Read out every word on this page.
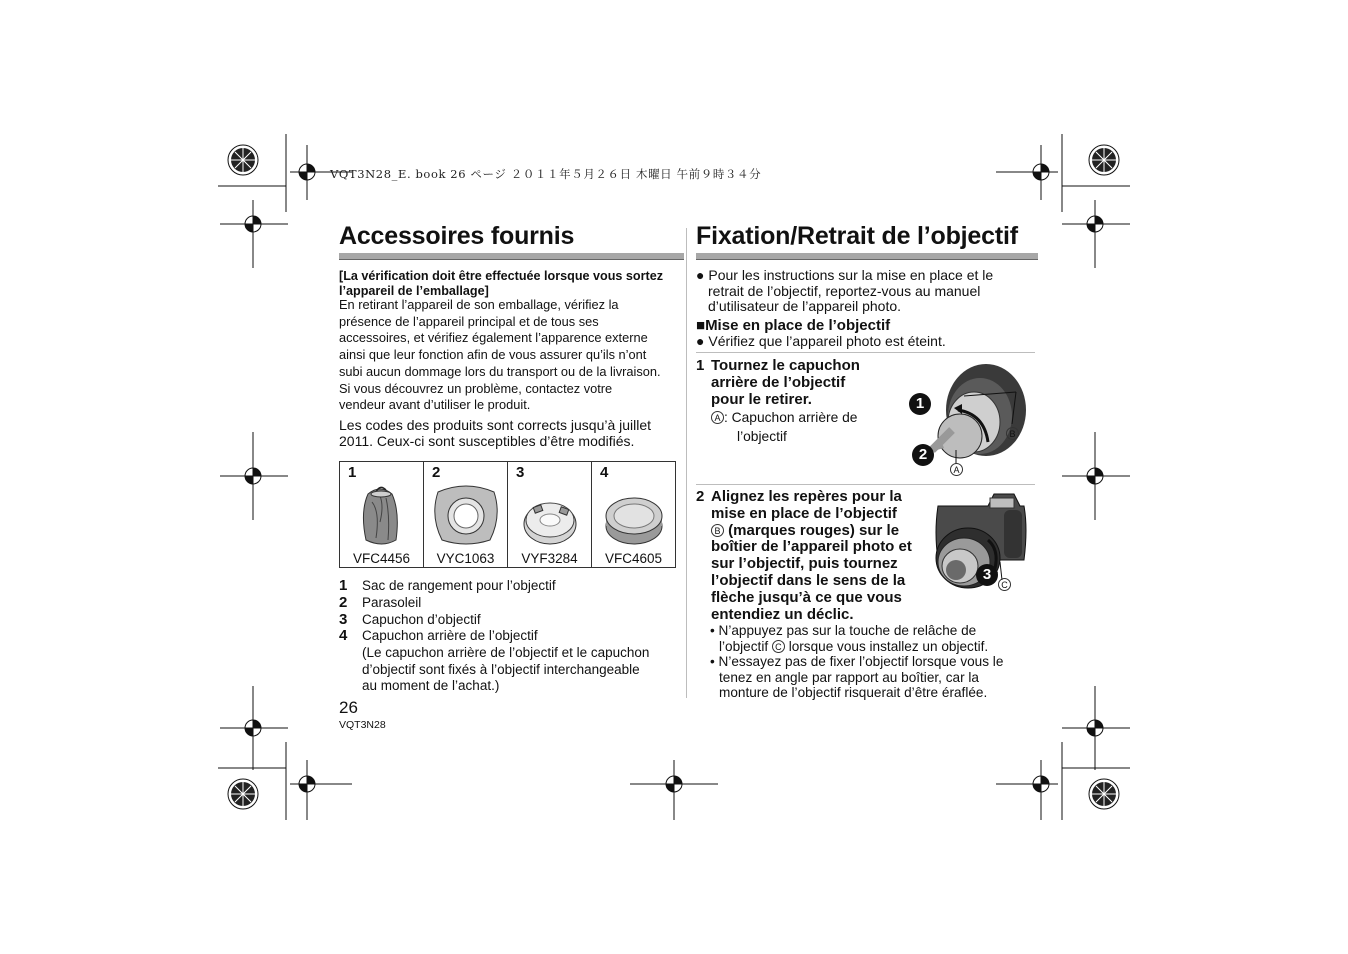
VQT3N28_E. book 26 ページ ２０１１年５月２６日 木曜日 午前９時３４分
Accessoires fournis
[La vérification doit être effectuée lorsque vous sortez l’appareil de l’emballage]
En retirant l’appareil de son emballage, vérifiez la
présence de l’appareil principal et de tous ses
accessoires, et vérifiez également l’apparence externe
ainsi que leur fonction afin de vous assurer qu’ils n’ont
subi aucun dommage lors du transport ou de la livraison.
Si vous découvrez un problème, contactez votre
vendeur avant d’utiliser le produit.
Les codes des produits sont corrects jusqu’à juillet
2011. Ceux-ci sont susceptibles d’être modifiés.
1
VFC4456
2
VYC1063
3
VYF3284
4
VFC4605
1 Sac de rangement pour l’objectif
2 Parasoleil
3 Capuchon d’objectif
4 Capuchon arrière de l’objectif
(Le capuchon arrière de l’objectif et le capuchon
d’objectif sont fixés à l’objectif interchangeable
au moment de l’achat.)
26
VQT3N28
Fixation/Retrait de l’objectif
● Pour les instructions sur la mise en place et le
retrait de l’objectif, reportez-vous au manuel
d’utilisateur de l’appareil photo.
■Mise en place de l’objectif
● Vérifiez que l’appareil photo est éteint.
1 Tournez le capuchon
arrière de l’objectif
pour le retirer.
A : Capuchon arrière de
l’objectif
1
2
B
A
2 Alignez les repères pour la
mise en place de l’objectif
B (marques rouges) sur le
boîtier de l’appareil photo et
sur l’objectif, puis tournez
l’objectif dans le sens de la
flèche jusqu’à ce que vous
entendiez un déclic.
3
C
• N’appuyez pas sur la touche de relâche de
l’objectif C lorsque vous installez un objectif.
• N’essayez pas de fixer l’objectif lorsque vous le
tenez en angle par rapport au boîtier, car la
monture de l’objectif risquerait d’être éraflée.
